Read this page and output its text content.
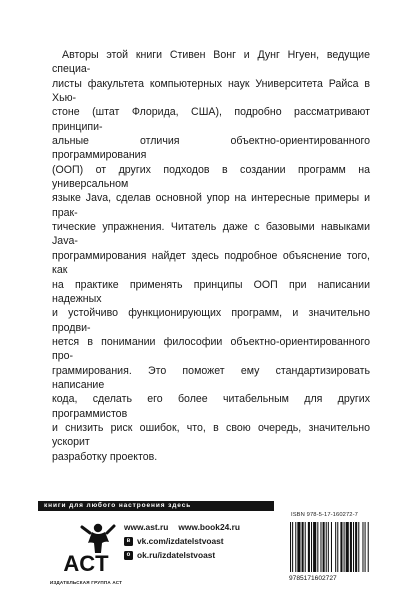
Авторы этой книги Стивен Вонг и Дунг Нгуен, ведущие специа-

листы факультета компьютерных наук Университета Райса в Хью-

стоне (штат Флорида, США), подробно рассматривают принципи-

альные отличия объектно-ориентированного программирования

(ООП) от других подходов в создании программ на универсальном

языке Java, сделав основной упор на интересные примеры и прак-

тические упражнения. Читатель даже с базовыми навыками Java-

программирования найдет здесь подробное объяснение того, как

на практике применять принципы ООП при написании надежных

и устойчиво функционирующих программ, и значительно продви-

нется в понимании философии объектно-ориентированного про-

граммирования. Это поможет ему стандартизировать написание

кода, сделать его более читабельным для других программистов

и снизить риск ошибок, что, в свою очередь, значительно ускорит

разработку проектов.

книги для любого настроения здесь
ACT
ИЗДАТЕЛЬСКАЯ ГРУППА АСТ
www.ast.ru www.book24.ru
в vk.com/izdatelstvoast
о ok.ru/izdatelstvoast
ISBN 978-5-17-160272-7
9785171602727
